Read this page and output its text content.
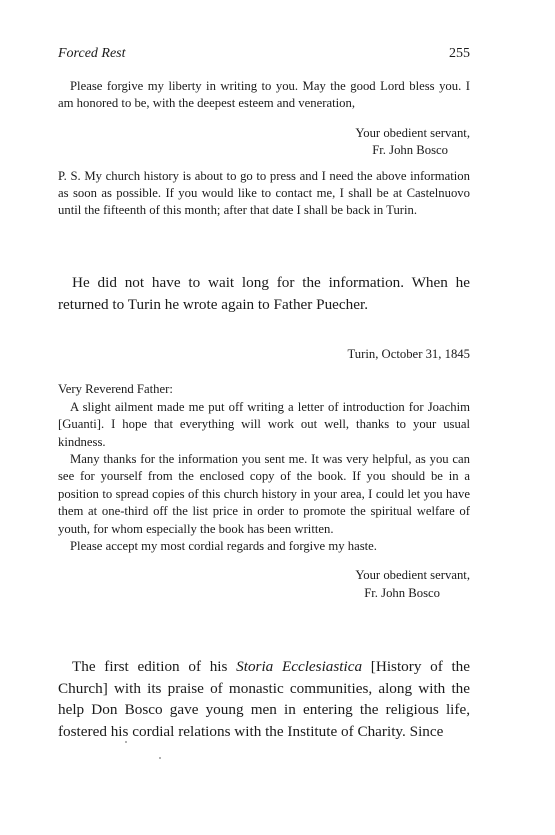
Forced Rest	255

Please forgive my liberty in writing to you. May the good Lord bless you. I am honored to be, with the deepest esteem and veneration,

Your obedient servant,

Fr. John Bosco

P. S. My church history is about to go to press and I need the above information as soon as possible. If you would like to contact me, I shall be at Castelnuovo until the fifteenth of this month; after that date I shall be back in Turin.

He did not have to wait long for the information. When he returned to Turin he wrote again to Father Puecher.

Turin, October 31, 1845

Very Reverend Father:

A slight ailment made me put off writing a letter of introduction for Joachim [Guanti]. I hope that everything will work out well, thanks to your usual kindness.

Many thanks for the information you sent me. It was very helpful, as you can see for yourself from the enclosed copy of the book. If you should be in a position to spread copies of this church history in your area, I could let you have them at one-third off the list price in order to promote the spiritual welfare of youth, for whom especially the book has been written.

Please accept my most cordial regards and forgive my haste.

Your obedient servant,

Fr. John Bosco

The first edition of his Storia Ecclesiastica [History of the Church] with its praise of monastic communities, along with the help Don Bosco gave young men in entering the religious life, fostered his cordial relations with the Institute of Charity. Since
